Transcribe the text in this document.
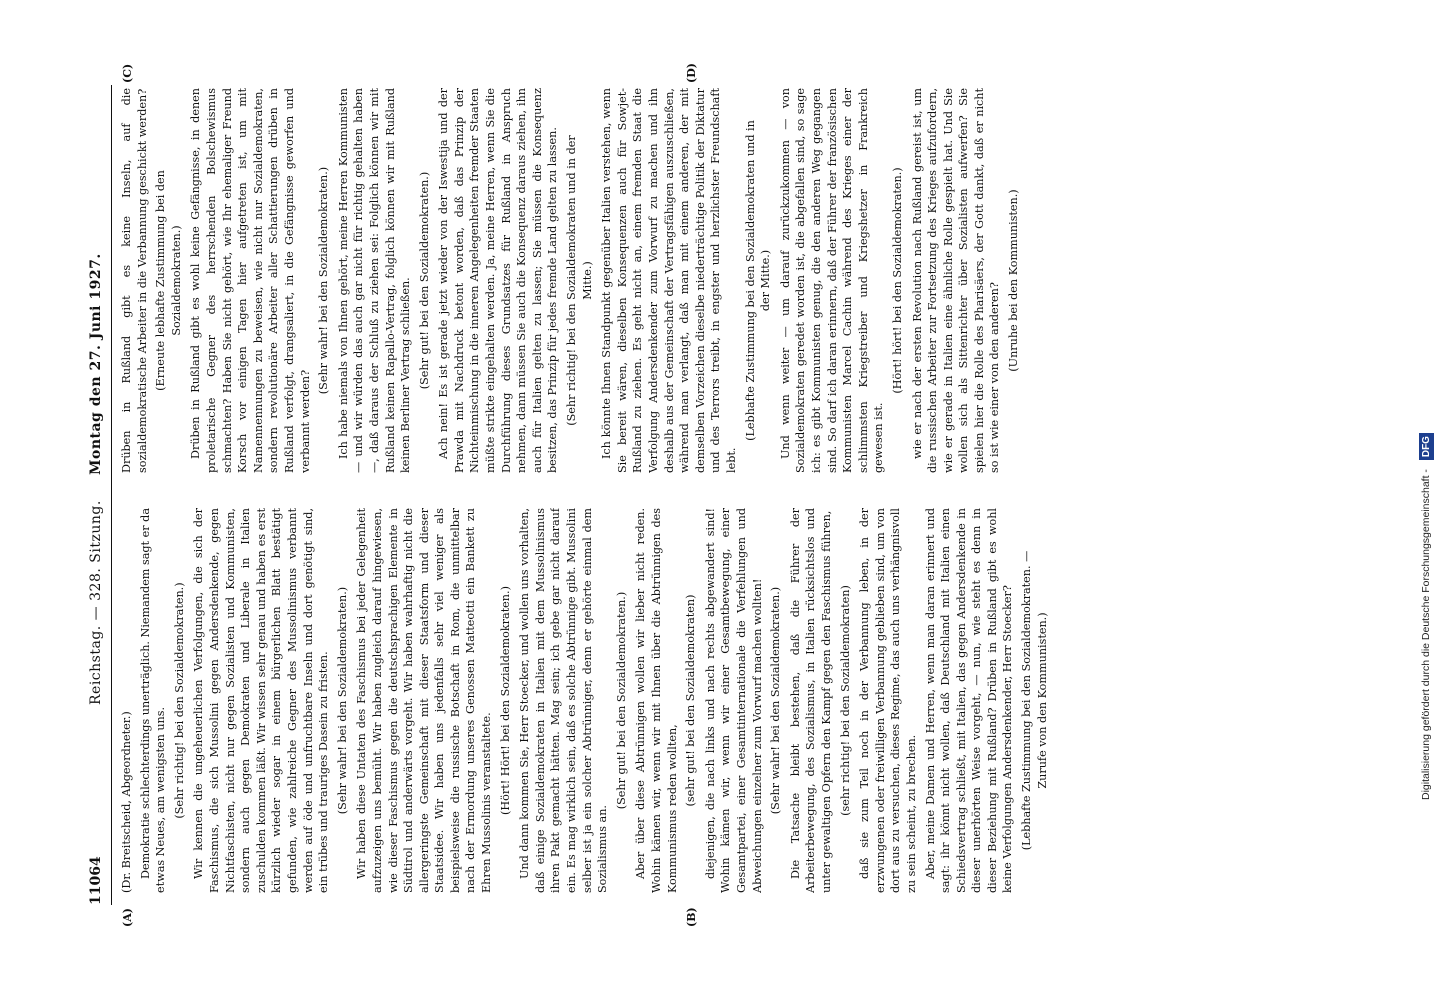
11064
Reichstag. — 328. Sitzung.
Montag den 27. Juni 1927.
(A)	(B)
(C)	(D)

(Dr. Breitscheid, Abgeordneter.) Demokratie schlechterdings unerträglich. Niemandem sagt er da etwas Neues, am wenigsten uns. (Sehr richtig! bei den Sozialdemokraten.) Wir kennen die ungeheuerlichen Verfolgungen, die sich der Faschismus, die sich Mussolini gegen Andersdenkende, gegen Nichtfaschisten, nicht nur gegen Sozialisten und Kommunisten, sondern auch gegen Demokraten und Liberale in Italien zuschulden kommen läßt. Wir wissen sehr genau und haben es erst kürzlich wieder sogar in einem bürgerlichen Blatt bestätigt gefunden, wie zahlreiche Gegner des Mussolinismus verbannt werden auf öde und unfruchtbare Inseln und dort genötigt sind, ein trübes und trauriges Dasein zu fristen. (Sehr wahr! bei den Sozialdemokraten.) Wir haben diese Untaten des Faschismus bei jeder Gelegenheit aufzuzeigen uns bemüht. Wir haben zugleich darauf hingewiesen, wie dieser Faschismus gegen die deutschsprachigen Elemente in Südtirol und anderwärts vorgeht. Wir haben wahrhaftig nicht die allergeringste Gemeinschaft mit dieser Staatsform und dieser Staatsidee. Wir haben uns jedenfalls sehr viel weniger als beispielsweise die russische Botschaft in Rom, die unmittelbar nach der Ermordung unseres Genossen Matteotti ein Bankett zu Ehren Mussolinis veranstaltete. (Hört! Hört! bei den Sozialdemokraten.) Und dann kommen Sie, Herr Stoecker, und wollen uns vorhalten, daß einige Sozialdemokraten in Italien mit dem Mussolinismus ihren Pakt gemacht hätten. Mag sein; ich gebe gar nicht darauf ein. Es mag wirklich sein, daß es solche Abtrünnige gibt. Mussolini selber ist ja ein solcher Abtrünniger, denn er gehörte einmal dem Sozialismus an.

(Sehr gut! bei den Sozialdemokraten.) Aber über diese Abtrünnigen wollen wir lieber nicht reden. Wohin kämen wir, wenn wir mit Ihnen über die Abtrünnigen des Kommunismus reden wollten,

(sehr gut! bei den Sozialdemokraten) diejenigen, die nach links und nach rechts abgewandert sind! Wohin kämen wir, wenn wir einer Gesamtbewegung, einer Gesamtpartei, einer Gesamtinternationale die Verfehlungen und Abweichungen einzelner zum Vorwurf machen wollten! (Sehr wahr! bei den Sozialdemokraten.) Die Tatsache bleibt bestehen, daß die Führer der Arbeiterbewegung, des Sozialismus, in Italien rücksichtslos und unter gewaltigen Opfern den Kampf gegen den Faschismus führen, (sehr richtig! bei den Sozialdemokraten) daß sie zum Teil noch in der Verbannung leben, in der erzwungenen oder freiwilligen Verbannung geblieben sind, um von dort aus zu versuchen, dieses Regime, das auch uns verhängnisvoll zu sein scheint, zu brechen. Aber, meine Damen und Herren, wenn man daran erinnert und sagt: ihr könnt nicht wollen, daß Deutschland mit Italien einen Schiedsvertrag schließt, mit Italien, das gegen Andersdenkende in dieser unerhörten Weise vorgeht, — nun, wie steht es denn in dieser Beziehung mit Rußland? Drüben in Rußland gibt es wohl keine Verfolgungen Andersdenkender, Herr Stoecker? (Lebhafte Zustimmung bei den Sozialdemokraten. — Zurufe von den Kommunisten.)

Drüben in Rußland gibt es keine Inseln, auf die sozialdemokratische Arbeiter in die Verbannung geschickt werden? (Erneute lebhafte Zustimmung bei den Sozialdemokraten.) Drüben in Rußland gibt es wohl keine Gefängnisse, in denen proletarische Gegner des herrschenden Bolschewismus schmachten? Haben Sie nicht gehört, wie Ihr ehemaliger Freund Korsch vor einigen Tagen hier aufgetreten ist, um mit Namennennungen zu beweisen, wie nicht nur Sozialdemokraten, sondern revolutionäre Arbeiter aller Schattierungen drüben in Rußland verfolgt, drangsaliert, in die Gefängnisse geworfen und verbannt werden?

(Sehr wahr! bei den Sozialdemokraten.) Ich habe niemals von Ihnen gehört, meine Herren Kommunisten — und wir würden das auch gar nicht für richtig gehalten haben —, daß daraus der Schluß zu ziehen sei: Folglich können wir mit Rußland keinen Rapallo-Vertrag, folglich können wir mit Rußland keinen Berliner Vertrag schließen. (Sehr gut! bei den Sozialdemokraten.) Ach nein! Es ist gerade jetzt wieder von der Iswestija und der Prawda mit Nachdruck betont worden, daß das Prinzip der Nichteinmischung in die inneren Angelegenheiten fremder Staaten müßte strikte eingehalten werden. Ja, meine Herren, wenn Sie die Durchführung dieses Grundsatzes für Rußland in Anspruch nehmen, dann müssen Sie auch die Konsequenz daraus ziehen, ihn auch für Italien gelten zu lassen; Sie müssen die Konsequenz besitzen, das Prinzip für jedes fremde Land gelten zu lassen. (Sehr richtig! bei den Sozialdemokraten und in der Mitte.) Ich könnte Ihnen Standpunkt gegenüber Italien verstehen, wenn Sie bereit wären, dieselben Konsequenzen auch für Sowjet-Rußland zu ziehen. Es geht nicht an, einem fremden Staat die Verfolgung Andersdenkender zum Vorwurf zu machen und ihn deshalb aus der Gemeinschaft der Vertragsfähigen auszuschließen, während man verlangt, daß man mit einem anderen, der mit demselben Vorzeichen dieselbe niederträchtige Politik der Diktatur und des Terrors treibt, in engster und herzlichster Freundschaft lebt.

(Lebhafte Zustimmung bei den Sozialdemokraten und in der Mitte.) Und wenn weiter — um darauf zurückzukommen — von Sozialdemokraten geredet worden ist, die abgefallen sind, so sage ich: es gibt Kommunisten genug, die den anderen Weg gegangen sind. So darf ich daran erinnern, daß der Führer der französischen Kommunisten Marcel Cachin während des Krieges einer der schlimmsten Kriegstreiber und Kriegshetzer in Frankreich gewesen ist.

(Hört! hört! bei den Sozialdemokraten.) wie er nach der ersten Revolution nach Rußland gereist ist, um die russischen Arbeiter zur Fortsetzung des Krieges aufzufordern, wie er gerade in Italien eine ähnliche Rolle gespielt hat. Und Sie wollen sich als Sittenrichter über Sozialisten aufwerfen? Sie spielen hier die Rolle des Pharisäers, der Gott dankt, daß er nicht so ist wie einer von den anderen?

(Unruhe bei den Kommunisten.)

Digitalisierung gefördert durch die Deutsche Forschungsgemeinschaft - DFG
